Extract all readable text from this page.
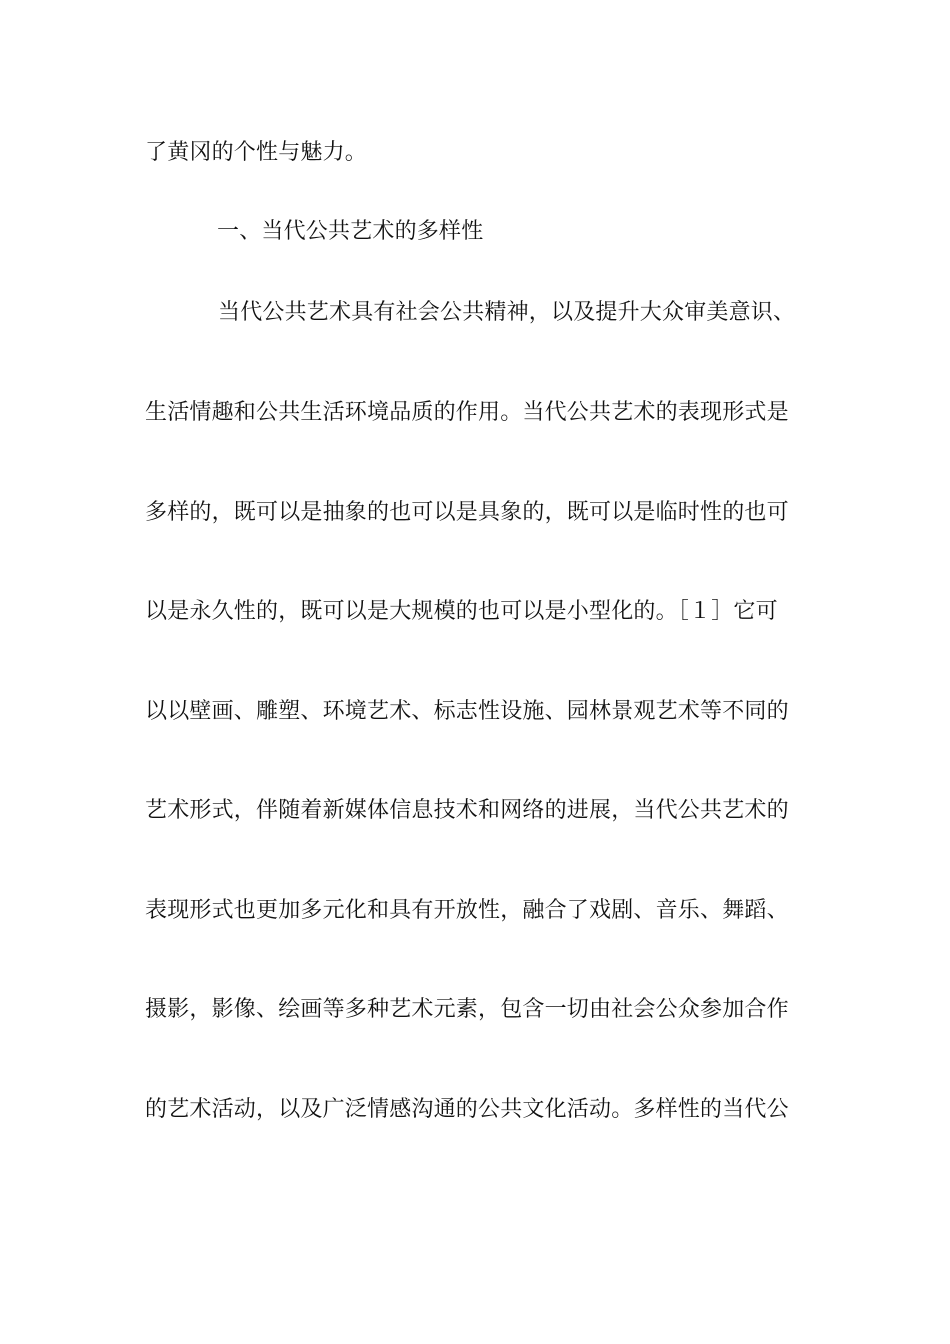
了黄冈的个性与魅力。
一、当代公共艺术的多样性
当代公共艺术具有社会公共精神，以及提升大众审美意识、
生活情趣和公共生活环境品质的作用。当代公共艺术的表现形式是
多样的，既可以是抽象的也可以是具象的，既可以是临时性的也可
以是永久性的，既可以是大规模的也可以是小型化的。［１］它可
以以壁画、雕塑、环境艺术、标志性设施、园林景观艺术等不同的
艺术形式，伴随着新媒体信息技术和网络的进展，当代公共艺术的
表现形式也更加多元化和具有开放性，融合了戏剧、音乐、舞蹈、
摄影，影像、绘画等多种艺术元素，包含一切由社会公众参加合作
的艺术活动，以及广泛情感沟通的公共文化活动。多样性的当代公
